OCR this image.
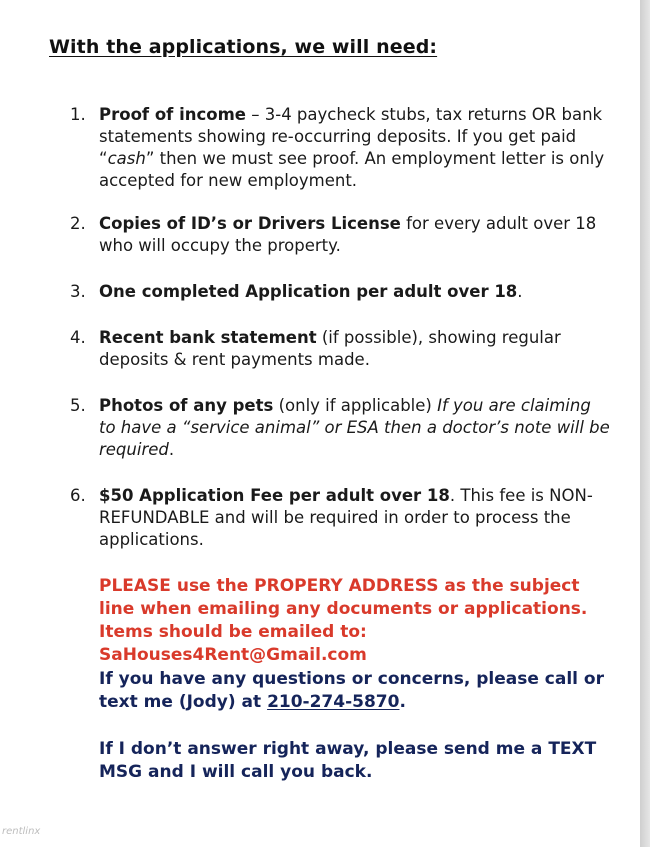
With the applications, we will need:
1. Proof of income – 3-4 paycheck stubs, tax returns OR bank statements showing re-occurring deposits. If you get paid “cash” then we must see proof. An employment letter is only accepted for new employment.
2. Copies of ID’s or Drivers License for every adult over 18 who will occupy the property.
3. One completed Application per adult over 18.
4. Recent bank statement (if possible), showing regular deposits & rent payments made.
5. Photos of any pets (only if applicable) If you are claiming to have a “service animal” or ESA then a doctor’s note will be required.
6. $50 Application Fee per adult over 18. This fee is NON-REFUNDABLE and will be required in order to process the applications.
PLEASE use the PROPERY ADDRESS as the subject line when emailing any documents or applications. Items should be emailed to: SaHouses4Rent@Gmail.com
If you have any questions or concerns, please call or text me (Jody) at 210-274-5870.
If I don’t answer right away, please send me a TEXT MSG and I will call you back.
rentlinx
